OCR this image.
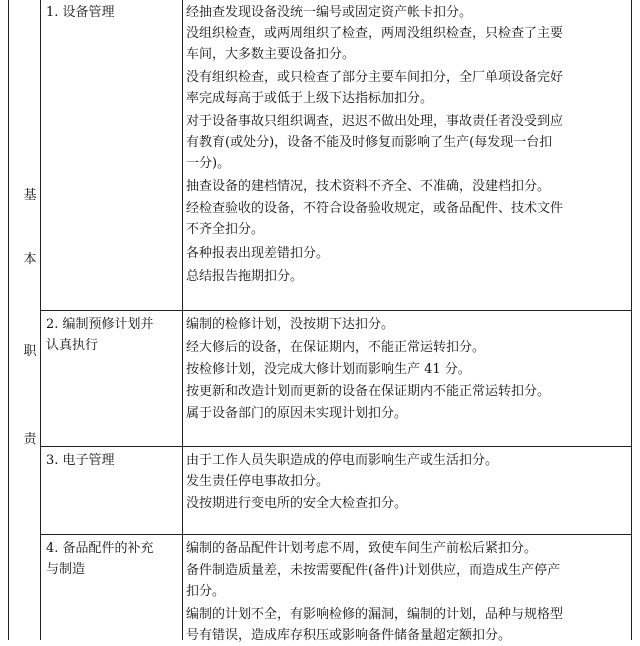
基
本
职
责
1. 设备管理	经抽查发现设备没统一编号或固定资产帐卡扣分。
没组织检查，或两周组织了检查，两周没组织检查，只检查了主要
车间，大多数主要设备扣分。
没有组织检查，或只检查了部分主要车间扣分，全厂单项设备完好
率完成每高于或低于上级下达指标加扣分。
对于设备事故只组织调查，迟迟不做出处理，事故责任者没受到应
有教育(或处分)，设备不能及时修复而影响了生产(每发现一台扣
一分)。
抽查设备的建档情况，技术资料不齐全、不准确，没建档扣分。
经检查验收的设备，不符合设备验收规定，或备品配件、技术文件
不齐全扣分。
各种报表出现差错扣分。
总结报告拖期扣分。
2. 编制预修计划并
认真执行
编制的检修计划，没按期下达扣分。
经大修后的设备，在保证期内，不能正常运转扣分。
按检修计划，没完成大修计划而影响生产 41 分。
按更新和改造计划而更新的设备在保证期内不能正常运转扣分。
属于设备部门的原因未实现计划扣分。
3. 电子管理	由于工作人员失职造成的停电而影响生产或生活扣分。
发生责任停电事故扣分。
没按期进行变电所的安全大检查扣分。
4. 备品配件的补充
与制造
编制的备品配件计划考虑不周，致使车间生产前松后紧扣分。
备件制造质量差，未按需要配件(备件)计划供应，而造成生产停产
扣分。
编制的计划不全，有影响检修的漏洞，编制的计划，品种与规格型
号有错误，造成库存积压或影响备件储备量超定额扣分。
